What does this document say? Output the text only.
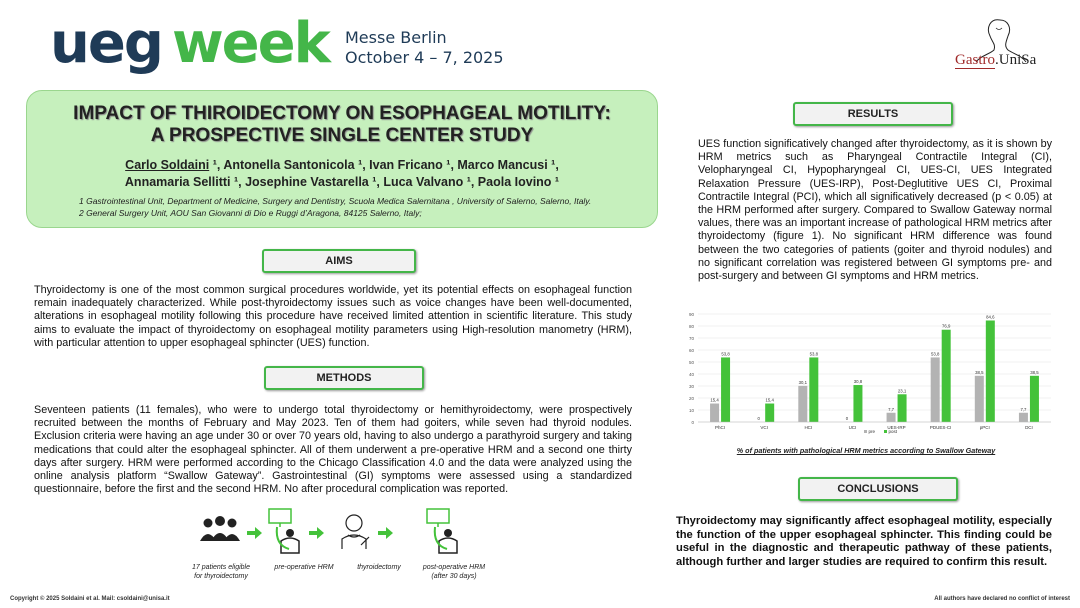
ueg week Messe Berlin
October 4 – 7, 2025	Gastro.UniSa
IMPACT OF THIROIDECTOMY ON ESOPHAGEAL MOTILITY:
A PROSPECTIVE SINGLE CENTER STUDY
Carlo Soldaini ¹, Antonella Santonicola ¹, Ivan Fricano ¹, Marco Mancusi ¹,
Annamaria Sellitti ¹, Josephine Vastarella ¹, Luca Valvano ¹, Paola Iovino ¹
1 Gastrointestinal Unit, Department of Medicine, Surgery and Dentistry, Scuola Medica Salernitana , University of Salerno, Salerno, Italy.
2 General Surgery Unit, AOU San Giovanni di Dio e Ruggi d’Aragona, 84125 Salerno, Italy;
AIMS
Thyroidectomy is one of the most common surgical procedures worldwide, yet its potential effects on esophageal function remain inadequately characterized. While post-thyroidectomy issues such as voice changes have been well-documented, alterations in esophageal motility following this procedure have received limited attention in scientific literature. This study aims to evaluate the impact of thyroidectomy on esophageal motility parameters using High-resolution manometry (HRM), with particular attention to upper esophageal sphincter (UES) function.
METHODS
Seventeen patients (11 females), who were to undergo total thyroidectomy or hemithyroidectomy, were prospectively recruited between the months of February and May 2023. Ten of them had goiters, while seven had thyroid nodules. Exclusion criteria were having an age under 30 or over 70 years old, having to also undergo a parathyroid surgery and taking medications that could alter the esophageal sphincter. All of them underwent a pre-operative HRM and a second one thirty days after surgery. HRM were performed according to the Chicago Classification 4.0 and the data were analyzed using the online analysis platform “Swallow Gateway”. Gastrointestinal (GI) symptoms were assessed using a standardized questionnaire, before the first and the second HRM. No after procedural complication was reported.
17 patients eligible for thyroidectomy
pre-operative HRM	thyroidectomy	post-operative HRM (after 30 days)
RESULTS
UES function significatively changed after thyroidectomy, as it is shown by HRM metrics such as Pharyngeal Contractile Integral (CI), Velopharyngeal CI, Hypopharyngeal CI, UES-CI, UES Integrated Relaxation Pressure (UES-IRP), Post-Deglutitive UES CI, Proximal Contractile Integral (PCI), which all significatively decreased (p < 0.05) at the HRM performed after surgery. Compared to Swallow Gateway normal values, there was an important increase of pathological HRM metrics after thyroidectomy (figure 1). No significant HRM difference was found between the two categories of patients (goiter and thyroid nodules) and no significant correlation was registered between GI symptoms pre- and post-surgery and between GI symptoms and HRM metrics.
0
10
20
30
40
50
60
70
80
90
15,4
53,8
PhCI
0
15,4
VCI
30,1
53,8
HCI
0
30,8
UCI
7,7
23,1
UES-IRP
53,8
76,9
PDUES-CI
38,5
84,6
pPCI
7,7
38,5
DCI
pre	post
% of patients with pathological HRM metrics according to Swallow Gateway
CONCLUSIONS
Thyroidectomy may significantly affect esophageal motility, especially the function of the upper esophageal sphincter. This finding could be useful in the diagnostic and therapeutic pathway of these patients, although further and larger studies are required to confirm this result.
Copyright © 2025 Soldaini et al. Mail: csoldaini@unisa.it	All authors have declared no conflict of interest
